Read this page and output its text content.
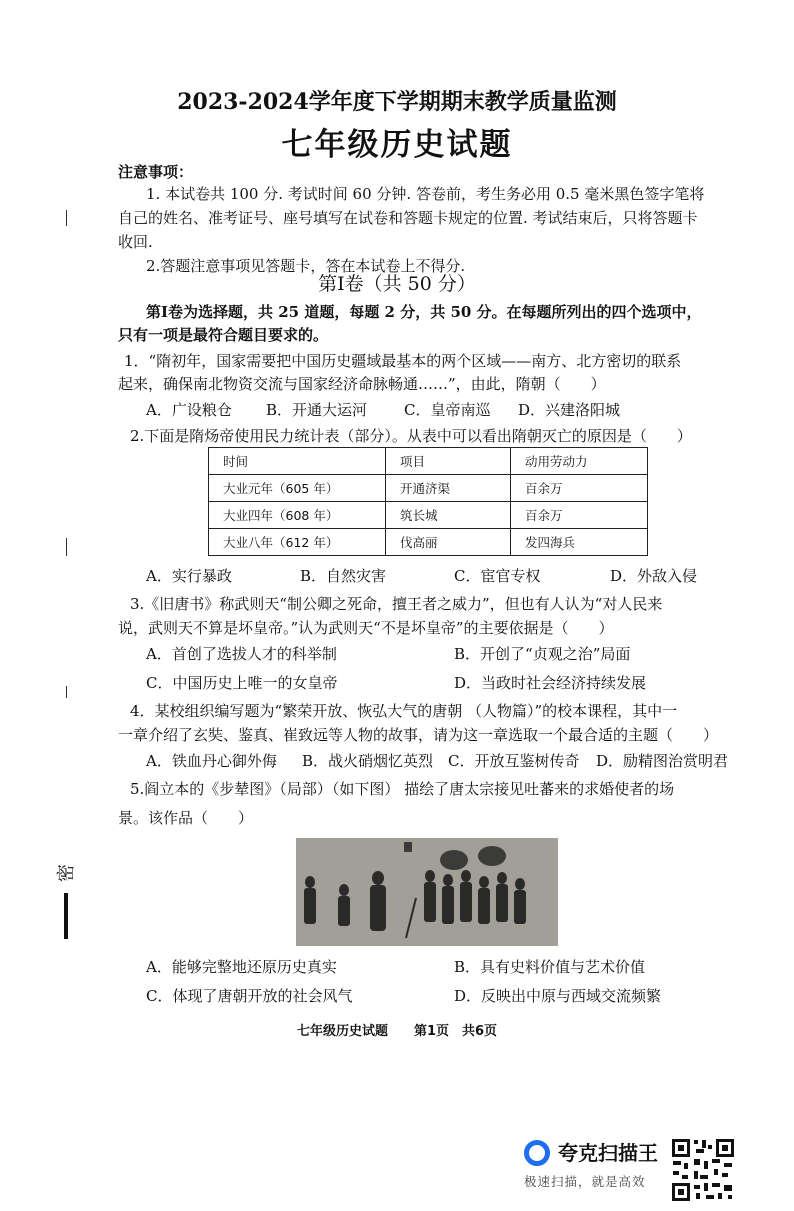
密
2023-2024学年度下学期期末教学质量监测
七年级历史试题
注意事项：
1. 本试卷共 100 分. 考试时间 60 分钟. 答卷前，考生务必用 0.5 毫米黑色签字笔将
自己的姓名、准考证号、座号填写在试卷和答题卡规定的位置. 考试结束后，只将答题卡
收回.
2.答题注意事项见答题卡，答在本试卷上不得分.
第Ⅰ卷（共 50 分）
第Ⅰ卷为选择题，共 25 道题，每题 2 分，共 50 分。在每题所列出的四个选项中，
只有一项是最符合题目要求的。
1．“隋初年，国家需要把中国历史疆域最基本的两个区域——南方、北方密切的联系
起来，确保南北物资交流与国家经济命脉畅通……”，由此，隋朝（　　）
A．广设粮仓 B．开通大运河 C．皇帝南巡 D．兴建洛阳城
2.下面是隋炀帝使用民力统计表（部分）。从表中可以看出隋朝灭亡的原因是（　　）
时间	项目	动用劳动力
大业元年（605 年）	开通济渠	百余万
大业四年（608 年）	筑长城	百余万
大业八年（612 年）	伐高丽	发四海兵
A．实行暴政	B．自然灾害	C．宦官专权	D．外敌入侵
3.《旧唐书》称武则天“制公卿之死命，擅王者之威力”，但也有人认为“对人民来
说，武则天不算是坏皇帝。”认为武则天“不是坏皇帝”的主要依据是（　　）
A．首创了选拔人才的科举制	B．开创了“贞观之治”局面
C．中国历史上唯一的女皇帝	D．当政时社会经济持续发展
4．某校组织编写题为“繁荣开放、恢弘大气的唐朝 （人物篇）”的校本课程，其中一
一章介绍了玄奘、鉴真、崔致远等人物的故事，请为这一章选取一个最合适的主题（　　）
A．铁血丹心御外侮 B．战火硝烟忆英烈 C．开放互鉴树传奇 D．励精图治赏明君
5.阎立本的《步辇图》（局部）（如下图） 描绘了唐太宗接见吐蕃来的求婚使者的场
景。该作品（　　）
A．能够完整地还原历史真实	B．具有史料价值与艺术价值
C．体现了唐朝开放的社会风气	D．反映出中原与西域交流频繁
七年级历史试题　　第1页　共6页
夸克扫描王
极速扫描，就是高效
